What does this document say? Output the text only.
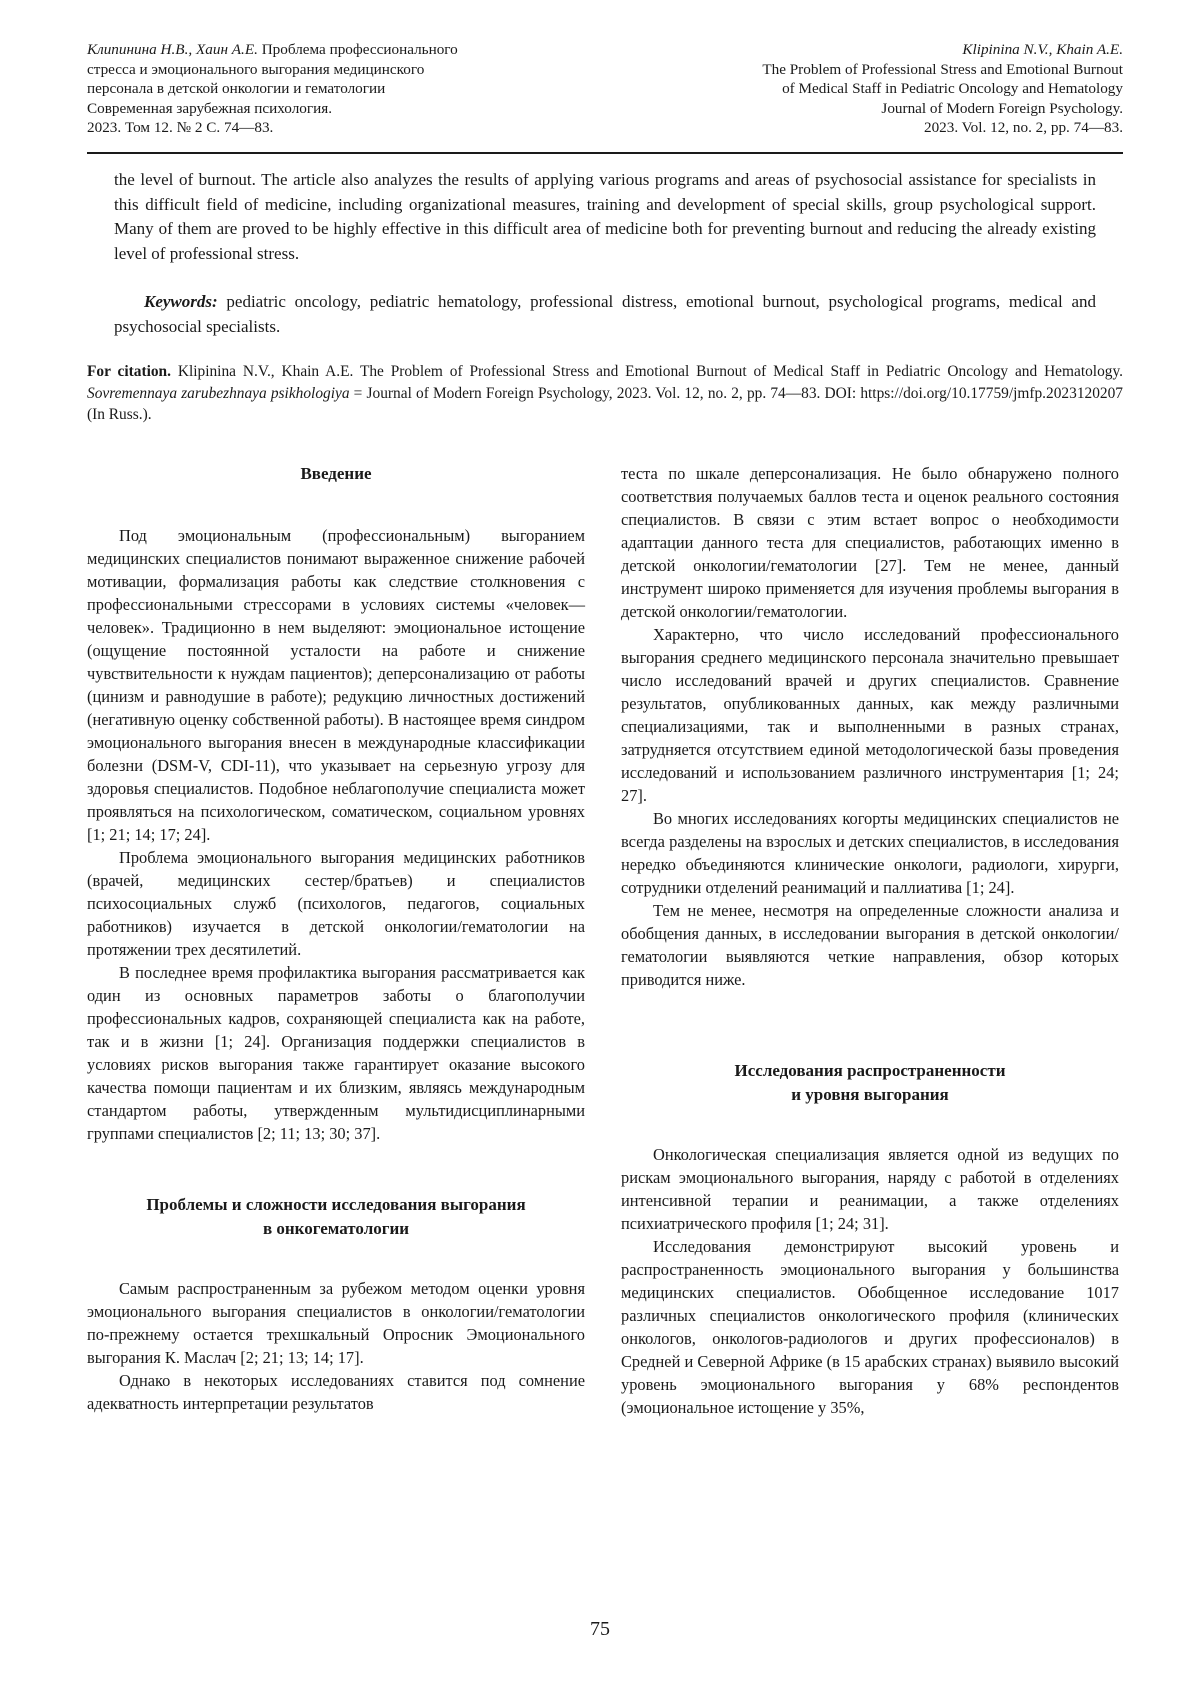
Клипинина Н.В., Хаин А.Е. Проблема профессионального
стресса и эмоционального выгорания медицинского
персонала в детской онкологии и гематологии
Современная зарубежная психология.
2023. Том 12. № 2 С. 74—83.
Klipinina N.V., Khain A.E.
The Problem of Professional Stress and Emotional Burnout
of Medical Staff in Pediatric Oncology and Hematology
Journal of Modern Foreign Psychology.
2023. Vol. 12, no. 2, pp. 74—83.

the level of burnout. The article also analyzes the results of applying various programs and areas of psychosocial assistance for specialists in this difficult field of medicine, including organizational measures, training and development of special skills, group psychological support. Many of them are proved to be highly effective in this difficult area of medicine both for preventing burnout and reducing the already existing level of professional stress.

Keywords: pediatric oncology, pediatric hematology, professional distress, emotional burnout, psychological programs, medical and psychosocial specialists.
For citation. Klipinina N.V., Khain A.E. The Problem of Professional Stress and Emotional Burnout of Medical Staff in Pediatric Oncology and Hematology. Sovremennaya zarubezhnaya psikhologiya = Journal of Modern Foreign Psychology, 2023. Vol. 12, no. 2, pp. 74—83. DOI: https://doi.org/10.17759/jmfp.2023120207 (In Russ.).
Введение

Под эмоциональным (профессиональным) выгоранием медицинских специалистов понимают выраженное снижение рабочей мотивации, формализация работы как следствие столкновения с профессиональными стрессорами в условиях системы «человек—человек». Традиционно в нем выделяют: эмоциональное истощение (ощущение постоянной усталости на работе и снижение чувствительности к нуждам пациентов); деперсонализацию от работы (цинизм и равнодушие в работе); редукцию личностных достижений (негативную оценку собственной работы). В настоящее время синдром эмоционального выгорания внесен в международные классификации болезни (DSM-V, CDI-11), что указывает на серьезную угрозу для здоровья специалистов. Подобное неблагополучие специалиста может проявляться на психологическом, соматическом, социальном уровнях [1; 21; 14; 17; 24].

Проблема эмоционального выгорания медицинских работников (врачей, медицинских сестер/братьев) и специалистов психосоциальных служб (психологов, педагогов, социальных работников) изучается в детской онкологии/гематологии на протяжении трех десятилетий.

В последнее время профилактика выгорания рассматривается как один из основных параметров заботы о благополучии профессиональных кадров, сохраняющей специалиста как на работе, так и в жизни [1; 24]. Организация поддержки специалистов в условиях рисков выгорания также гарантирует оказание высокого качества помощи пациентам и их близким, являясь международным стандартом работы, утвержденным мультидисциплинарными группами специалистов [2; 11; 13; 30; 37].

Проблемы и сложности исследования выгорания
в онкогематологии

Самым распространенным за рубежом методом оценки уровня эмоционального выгорания специалистов в онкологии/гематологии по-прежнему остается трехшкальный Опросник Эмоционального выгорания К. Маслач [2; 21; 13; 14; 17].

Однако в некоторых исследованиях ставится под сомнение адекватность интерпретации результатов

теста по шкале деперсонализация. Не было обнаружено полного соответствия получаемых баллов теста и оценок реального состояния специалистов. В связи с этим встает вопрос о необходимости адаптации данного теста для специалистов, работающих именно в детской онкологии/гематологии [27]. Тем не менее, данный инструмент широко применяется для изучения проблемы выгорания в детской онкологии/гематологии.

Характерно, что число исследований профессионального выгорания среднего медицинского персонала значительно превышает число исследований врачей и других специалистов. Сравнение результатов, опубликованных данных, как между различными специализациями, так и выполненными в разных странах, затрудняется отсутствием единой методологической базы проведения исследований и использованием различного инструментария [1; 24; 27].

Во многих исследованиях когорты медицинских специалистов не всегда разделены на взрослых и детских специалистов, в исследования нередко объединяются клинические онкологи, радиологи, хирурги, сотрудники отделений реанимаций и паллиатива [1; 24].

Тем не менее, несмотря на определенные сложности анализа и обобщения данных, в исследовании выгорания в детской онкологии/гематологии выявляются четкие направления, обзор которых приводится ниже.

Исследования распространенности
и уровня выгорания

Онкологическая специализация является одной из ведущих по рискам эмоционального выгорания, наряду с работой в отделениях интенсивной терапии и реанимации, а также отделениях психиатрического профиля [1; 24; 31].

Исследования демонстрируют высокий уровень и распространенность эмоционального выгорания у большинства медицинских специалистов. Обобщенное исследование 1017 различных специалистов онкологического профиля (клинических онкологов, онкологов-радиологов и других профессионалов) в Средней и Северной Африке (в 15 арабских странах) выявило высокий уровень эмоционального выгорания у 68% респондентов (эмоциональное истощение у 35%,

75
